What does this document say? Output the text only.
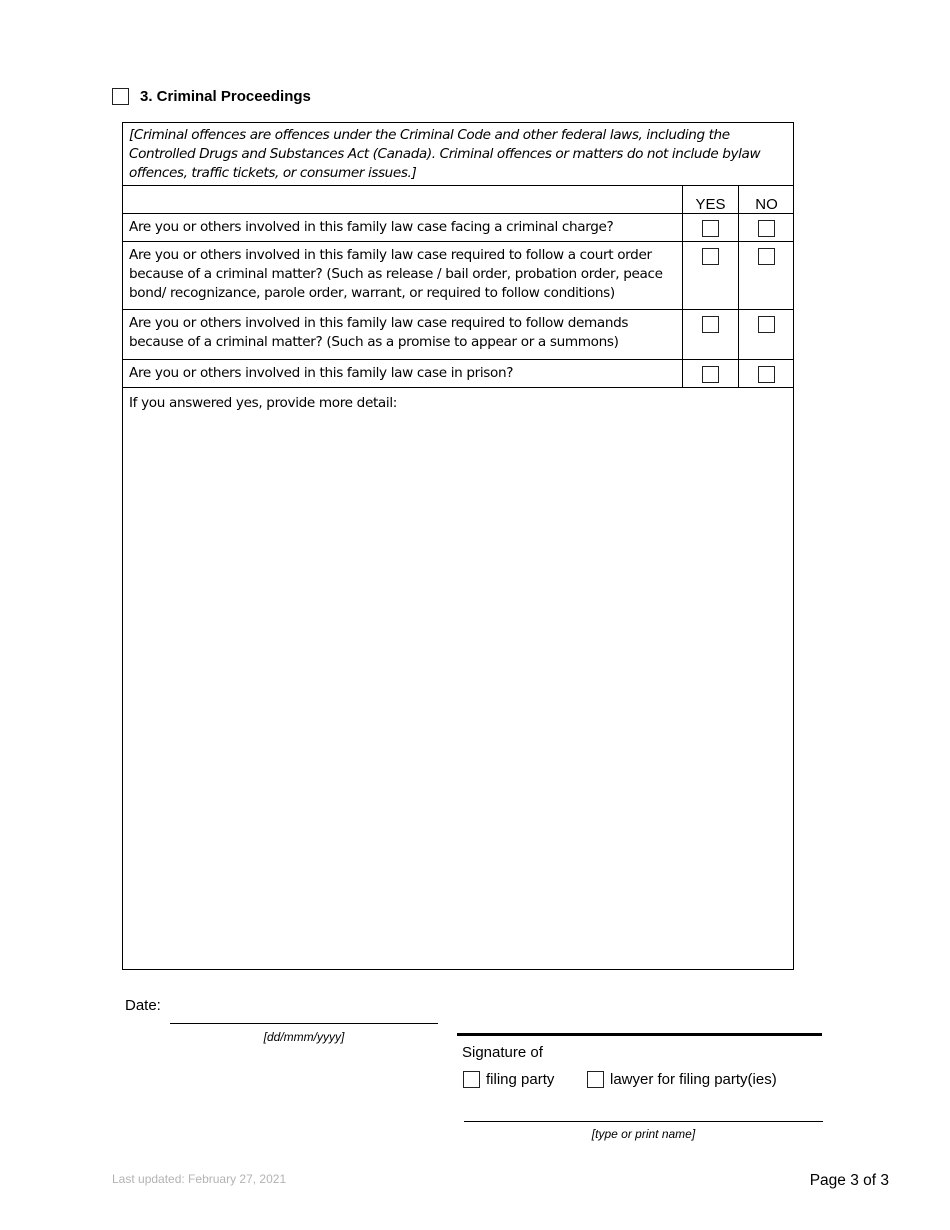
3. Criminal Proceedings
[Criminal offences are offences under the Criminal Code and other federal laws, including the Controlled Drugs and Substances Act (Canada). Criminal offences or matters do not include bylaw offences, traffic tickets, or consumer issues.]
YES	NO
Are you or others involved in this family law case facing a criminal charge?
Are you or others involved in this family law case required to follow a court order because of a criminal matter? (Such as release / bail order, probation order, peace bond/ recognizance, parole order, warrant, or required to follow conditions)
Are you or others involved in this family law case required to follow demands because of a criminal matter? (Such as a promise to appear or a summons)
Are you or others involved in this family law case in prison?
If you answered yes, provide more detail:
Date:
[dd/mmm/yyyy]
Signature of
filing party	lawyer for filing party(ies)
[type or print name]
Last updated: February 27, 2021	Page 3 of 3
